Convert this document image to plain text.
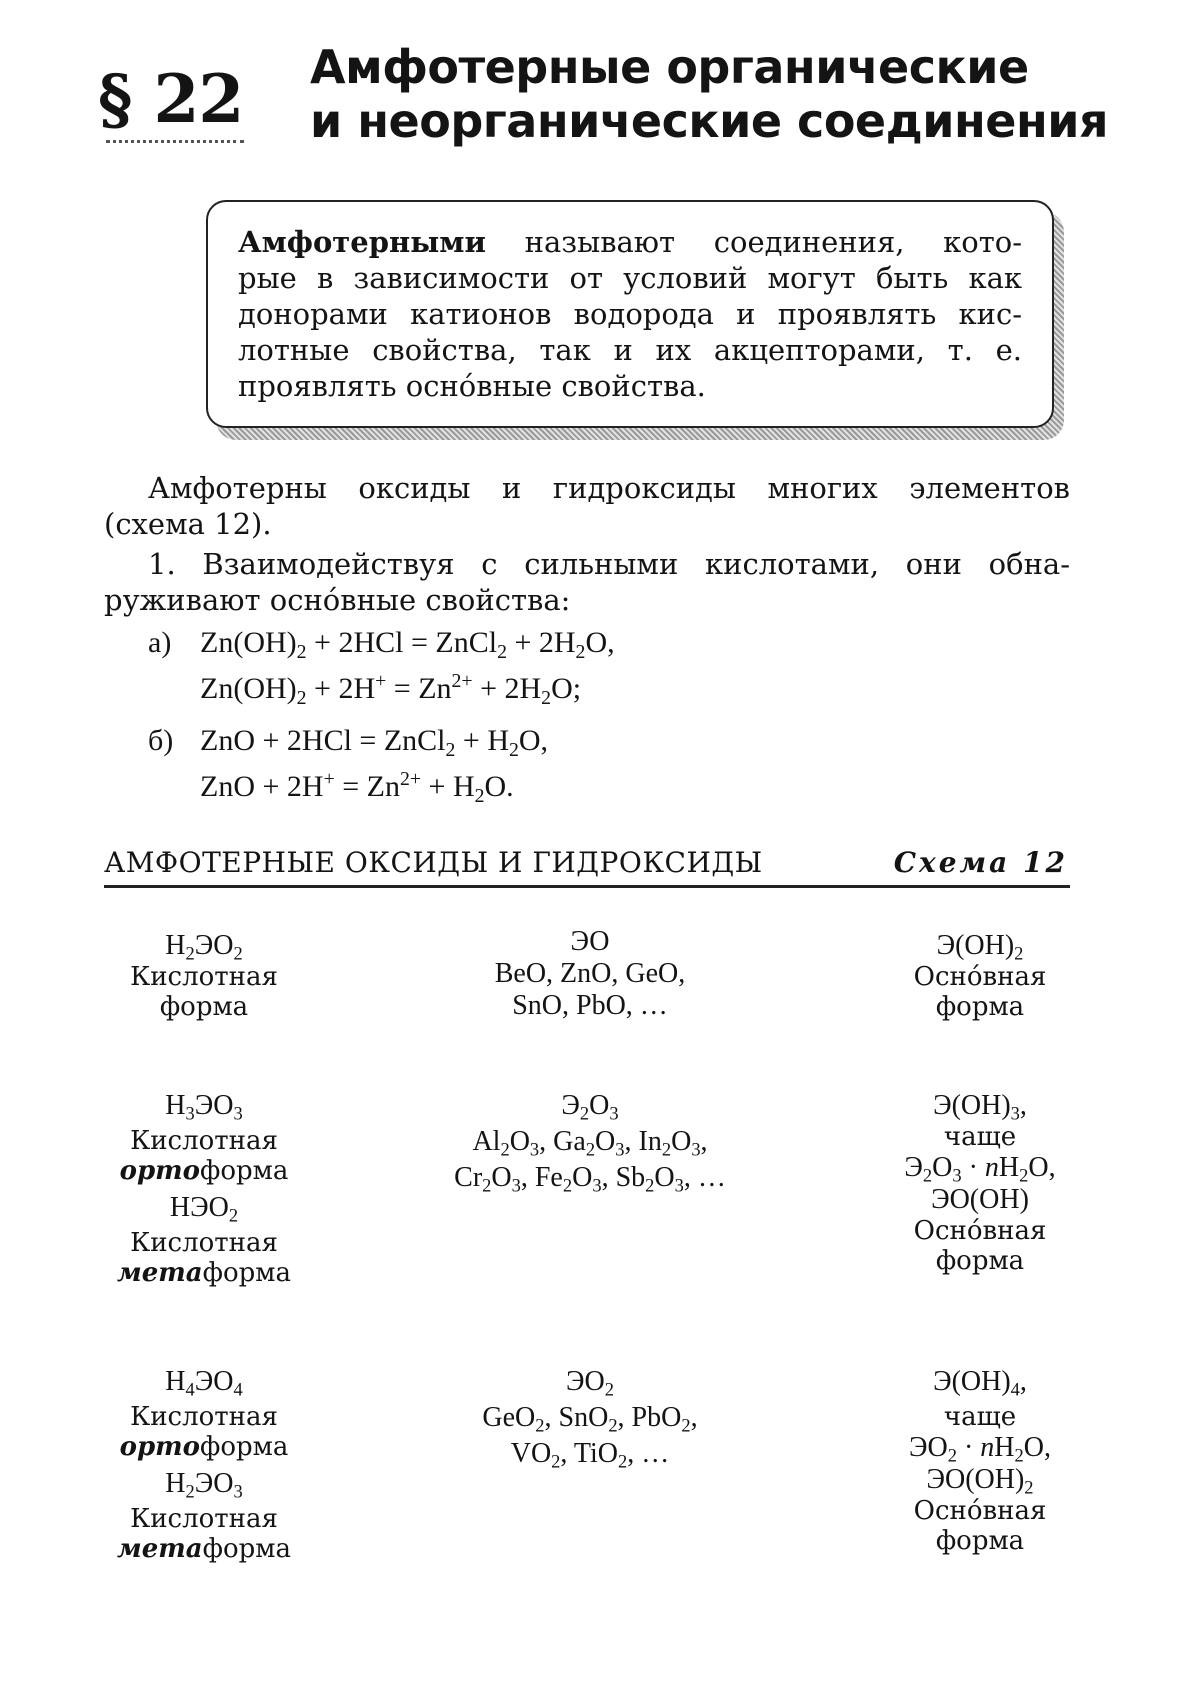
§ 22 Амфотерные органические
и неорганические соединения
Амфотерными называют соединения, кото-
рые в зависимости от условий могут быть как
донорами катионов водорода и проявлять кис-
лотные свойства, так и их акцепторами, т. е.
проявлять осно́вные свойства.
Амфотерны оксиды и гидроксиды многих элементов
(схема 12).
1. Взаимодействуя с сильными кислотами, они обна-
руживают осно́вные свойства:
а) $Zn(OH)_2 + 2HCl$ = ZnCl$_2$ + $2H_2O$,
$Zn(OH)_2 + 2H^+ = Zn^{2+} + 2H_2O$;
б) ZnO + 2HCl = ZnCl$_2$ + $H_2O$,
ZnO + $2H^+ = Zn^{2+} + H_2O$.
АМФОТЕРНЫЕ ОКСИДЫ И ГИДРОКСИДЫ	Схема 12
$H_2ЭO_2$
Кислотная
форма
ЭО
BeO, ZnO, GeO,
SnO, PbO, …
$Э(OH)_2$
Осно́вная
форма
$H_3ЭO_3$
Кислотная
ортоформа
$HЭO_2$
Кислотная
метаформа
$Э_2O_3$
$Al_2O_3$, $Ga_2O_3$, $In_2O_3$,
$Cr_2O_3$, $Fe_2O_3$, $Sb_2O_3$, …
$Э(OH)_3$,
чаще
$Э_2O_3 \cdot nH_2O$,
ЭO(OH)
Осно́вная
форма
$H_4ЭO_4$
Кислотная
ортоформа
$H_2ЭO_3$
Кислотная
метаформа
$ЭO_2$
GeO$_2$, SnO$_2$, PbO$_2$,
$VO_2$, TiO$_2$, …
$Э(OH)_4$,
чаще
$ЭO_2 \cdot nH_2O$,
$ЭO(OH)_2$
Осно́вная
форма
